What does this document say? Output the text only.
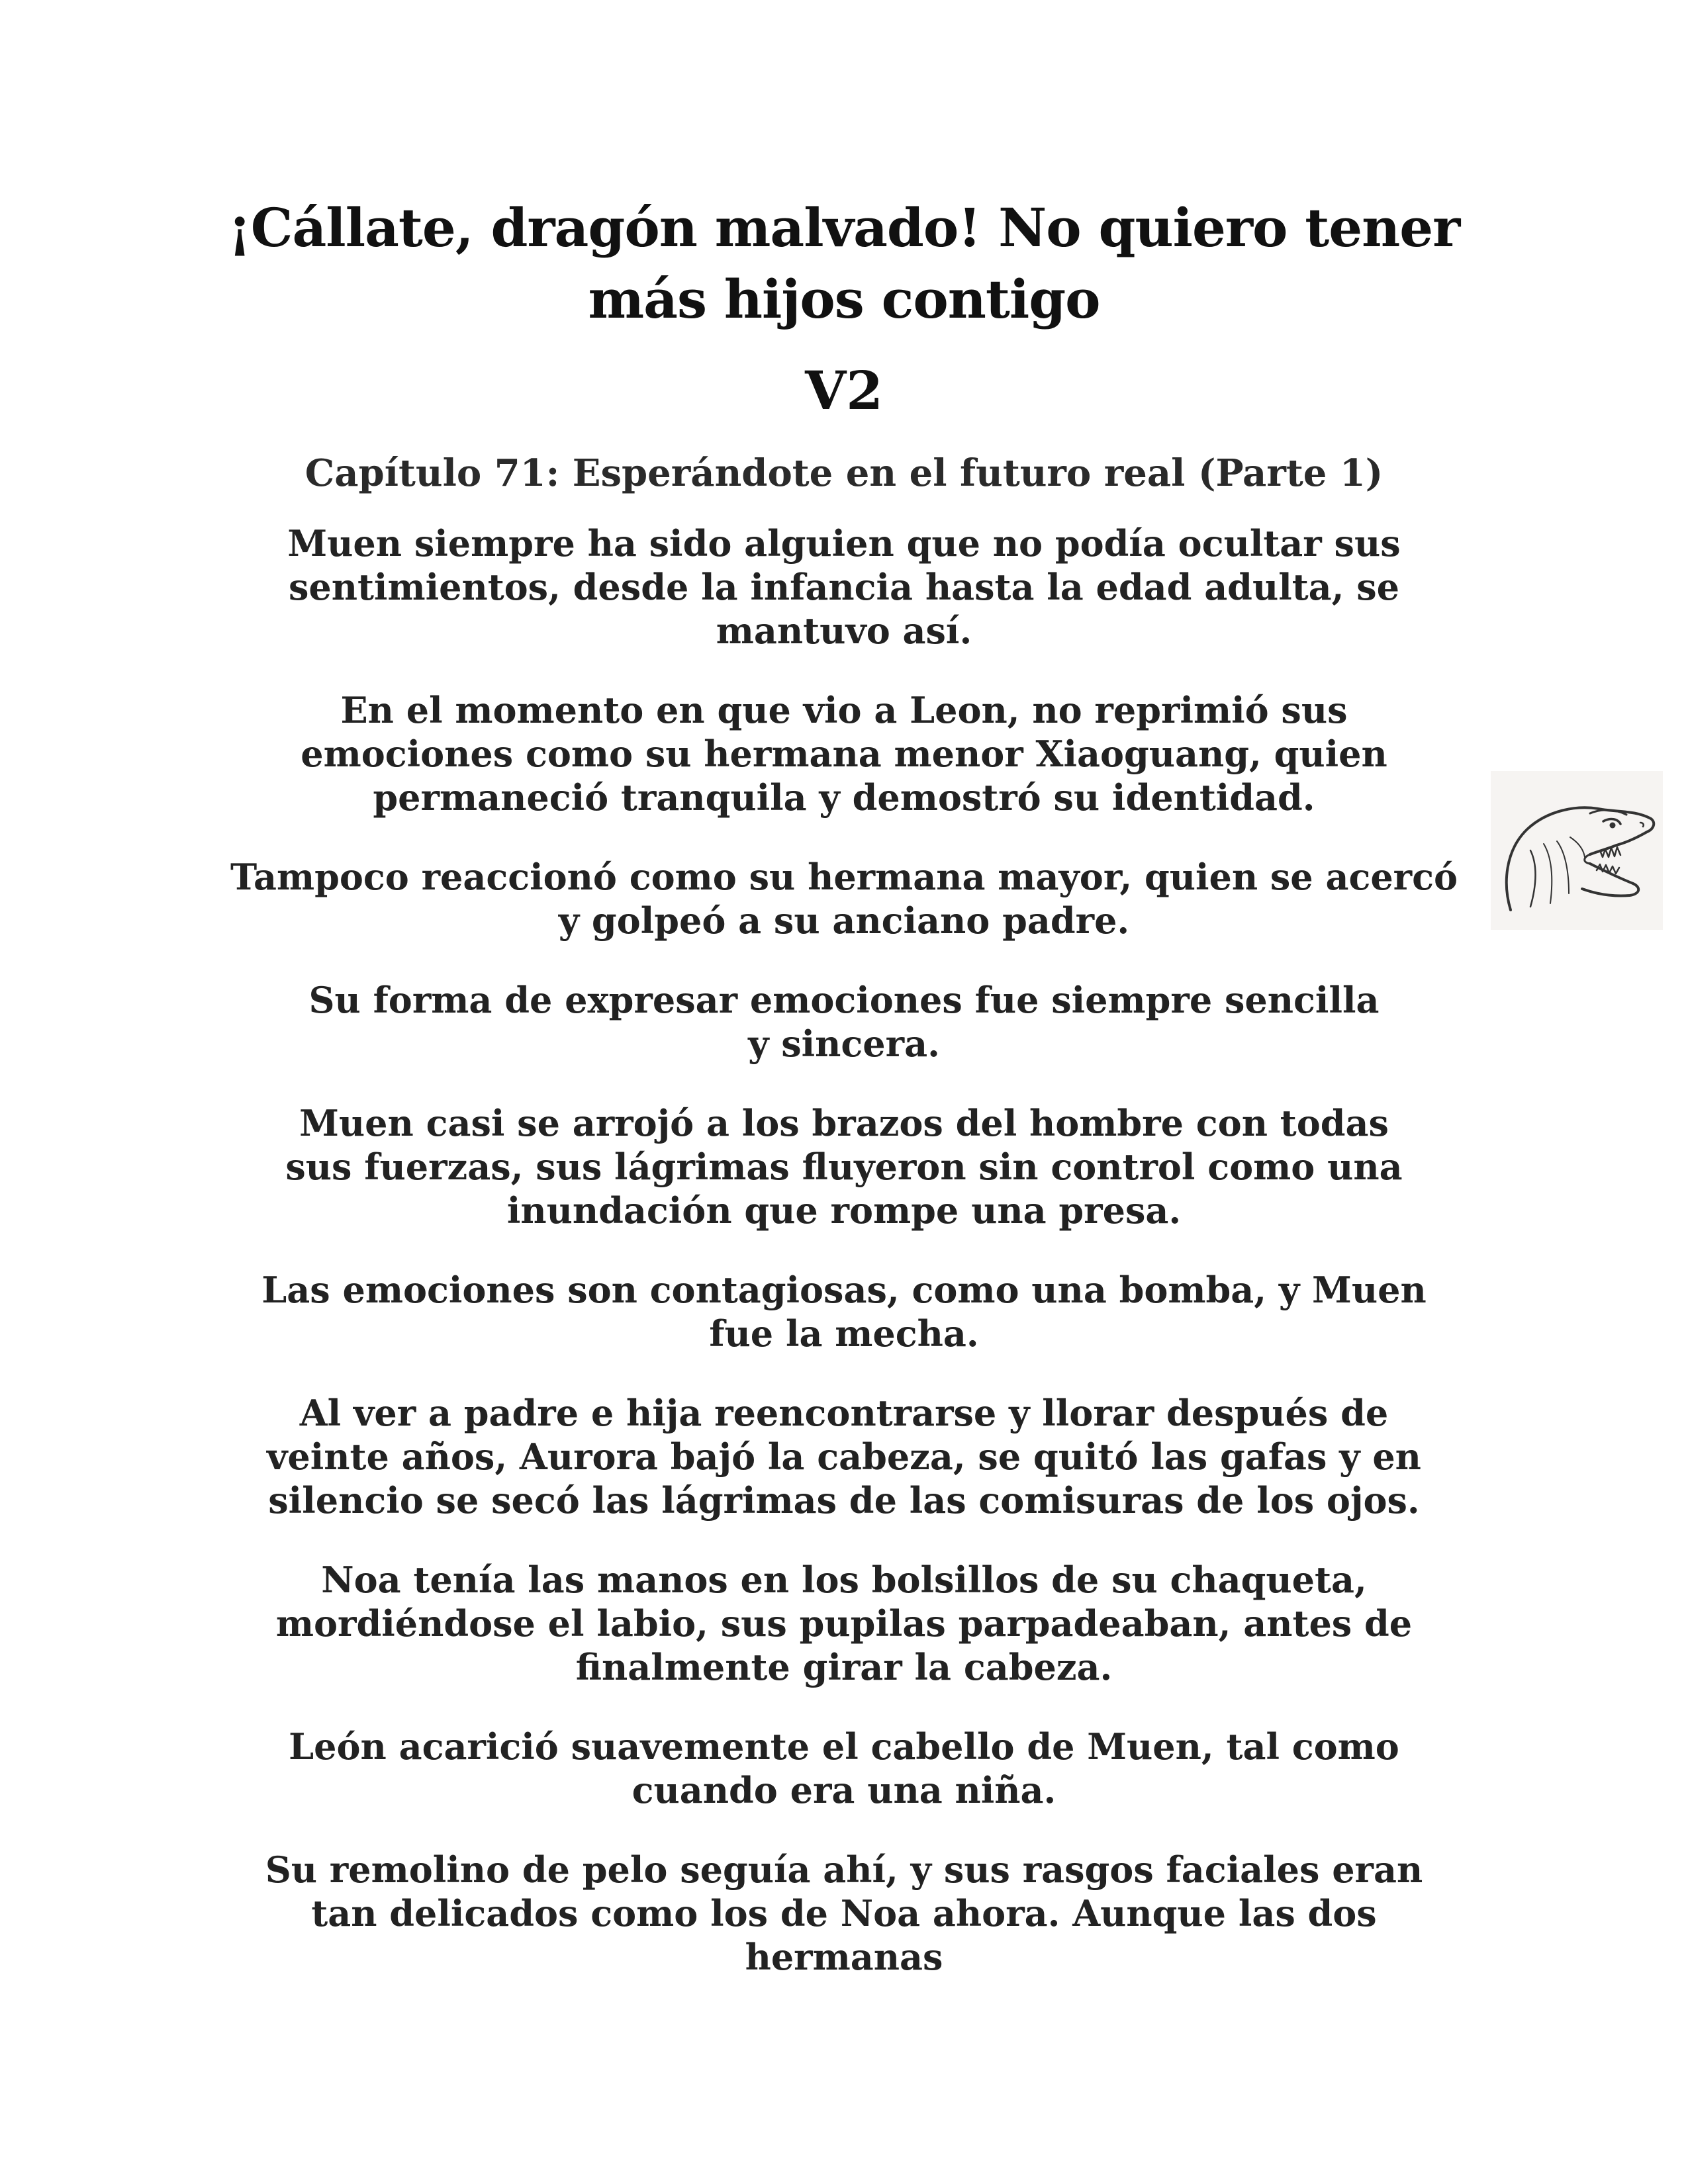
¡Cállate, dragón malvado! No quiero tener
más hijos contigo
V2
Capítulo 71: Esperándote en el futuro real (Parte 1)

Muen siempre ha sido alguien que no podía ocultar sus sentimientos, desde la infancia hasta la edad adulta, se mantuvo así.

En el momento en que vio a Leon, no reprimió sus emociones como su hermana menor Xiaoguang, quien permaneció tranquila y demostró su identidad.

Tampoco reaccionó como su hermana mayor, quien se acercó y golpeó a su anciano padre.

Su forma de expresar emociones fue siempre sencilla y sincera.

Muen casi se arrojó a los brazos del hombre con todas sus fuerzas, sus lágrimas fluyeron sin control como una inundación que rompe una presa.

Las emociones son contagiosas, como una bomba, y Muen fue la mecha.

Al ver a padre e hija reencontrarse y llorar después de veinte años, Aurora bajó la cabeza, se quitó las gafas y en silencio se secó las lágrimas de las comisuras de los ojos.

Noa tenía las manos en los bolsillos de su chaqueta, mordiéndose el labio, sus pupilas parpadeaban, antes de finalmente girar la cabeza.

León acarició suavemente el cabello de Muen, tal como cuando era una niña.

Su remolino de pelo seguía ahí, y sus rasgos faciales eran tan delicados como los de Noa ahora. Aunque las dos hermanas
